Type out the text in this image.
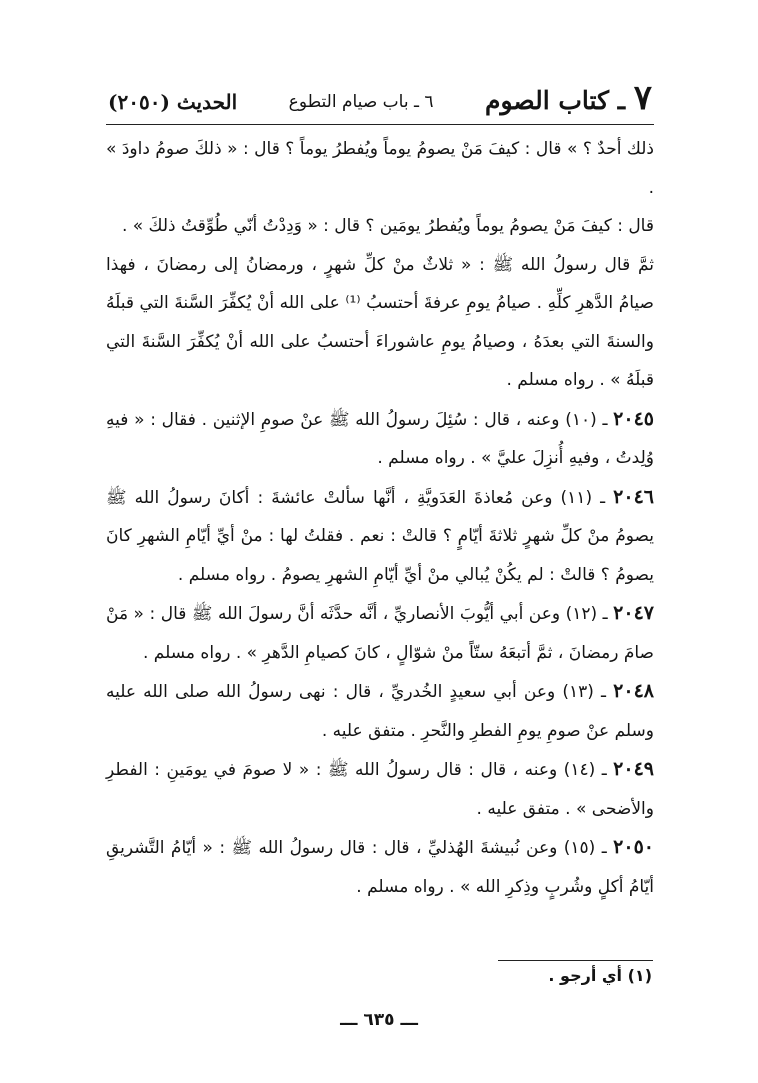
٧ ـ كتاب الصوم
٦ ـ باب صيام التطوع
الحديث (٢٠٥٠)

ذلك أحدٌ ؟ » قال : كيفَ مَنْ يصومُ يوماً ويُفطرُ يوماً ؟ قال : « ذلكَ صومُ داودَ » .

قال : كيفَ مَنْ يصومُ يوماً ويُفطرُ يومَين ؟ قال : « وَدِدْتُ أنّي طُوِّقتُ ذلكَ » .

ثمَّ قال رسولُ الله ﷺ : « ثلاثٌ منْ كلِّ شهرٍ ، ورمضانُ إلى رمضانَ ، فهذا صيامُ الدَّهرِ كلِّهِ . صيامُ يومِ عرفةَ أحتسبُ ⁽¹⁾ على الله أنْ يُكفِّرَ السَّنةَ التي قبلَهُ والسنةَ التي بعدَهُ ، وصيامُ يومِ عاشوراءَ أحتسبُ على الله أنْ يُكفِّرَ السَّنةَ التي قبلَهُ » . رواه مسلم .

٢٠٤٥ ـ (١٠) وعنه ، قال : سُئِلَ رسولُ الله ﷺ عنْ صومِ الإثنين . فقال : « فيهِ وُلِدتُ ، وفيهِ أُنزِلَ عليَّ » . رواه مسلم .

٢٠٤٦ ـ (١١) وعن مُعاذةَ العَدَويَّةِ ، أنَّها سألتْ عائشةَ : أكانَ رسولُ الله ﷺ يصومُ منْ كلِّ شهرٍ ثلاثةَ أيّامٍ ؟ قالتْ : نعم . فقلتُ لها : منْ أيِّ أيّامِ الشهرِ كانَ يصومُ ؟ قالتْ : لم يكُنْ يُبالي منْ أيِّ أيّامِ الشهرِ يصومُ . رواه مسلم .

٢٠٤٧ ـ (١٢) وعن أبي أيُّوبَ الأنصاريِّ ، أنَّه حدَّثَه أنَّ رسولَ الله ﷺ قال : « مَنْ صامَ رمضانَ ، ثمَّ أتبعَهُ ستّاً منْ شوّالٍ ، كانَ كصيامِ الدَّهرِ » . رواه مسلم .

٢٠٤٨ ـ (١٣) وعن أبي سعيدٍ الخُدريِّ ، قال : نهى رسولُ الله صلى الله عليه وسلم عنْ صومِ يومِ الفطرِ والنَّحرِ . متفق عليه .

٢٠٤٩ ـ (١٤) وعنه ، قال : قال رسولُ الله ﷺ : « لا صومَ في يومَينِ : الفطرِ والأضحى » . متفق عليه .

٢٠٥٠ ـ (١٥) وعن نُبيشةَ الهُذليِّ ، قال : قال رسولُ الله ﷺ : « أيّامُ التَّشريقِ أيّامُ أكلٍ وشُربٍ وذِكرِ الله » . رواه مسلم .

(١) أي أرجو .
ـــ ٦٣٥ ـــ
